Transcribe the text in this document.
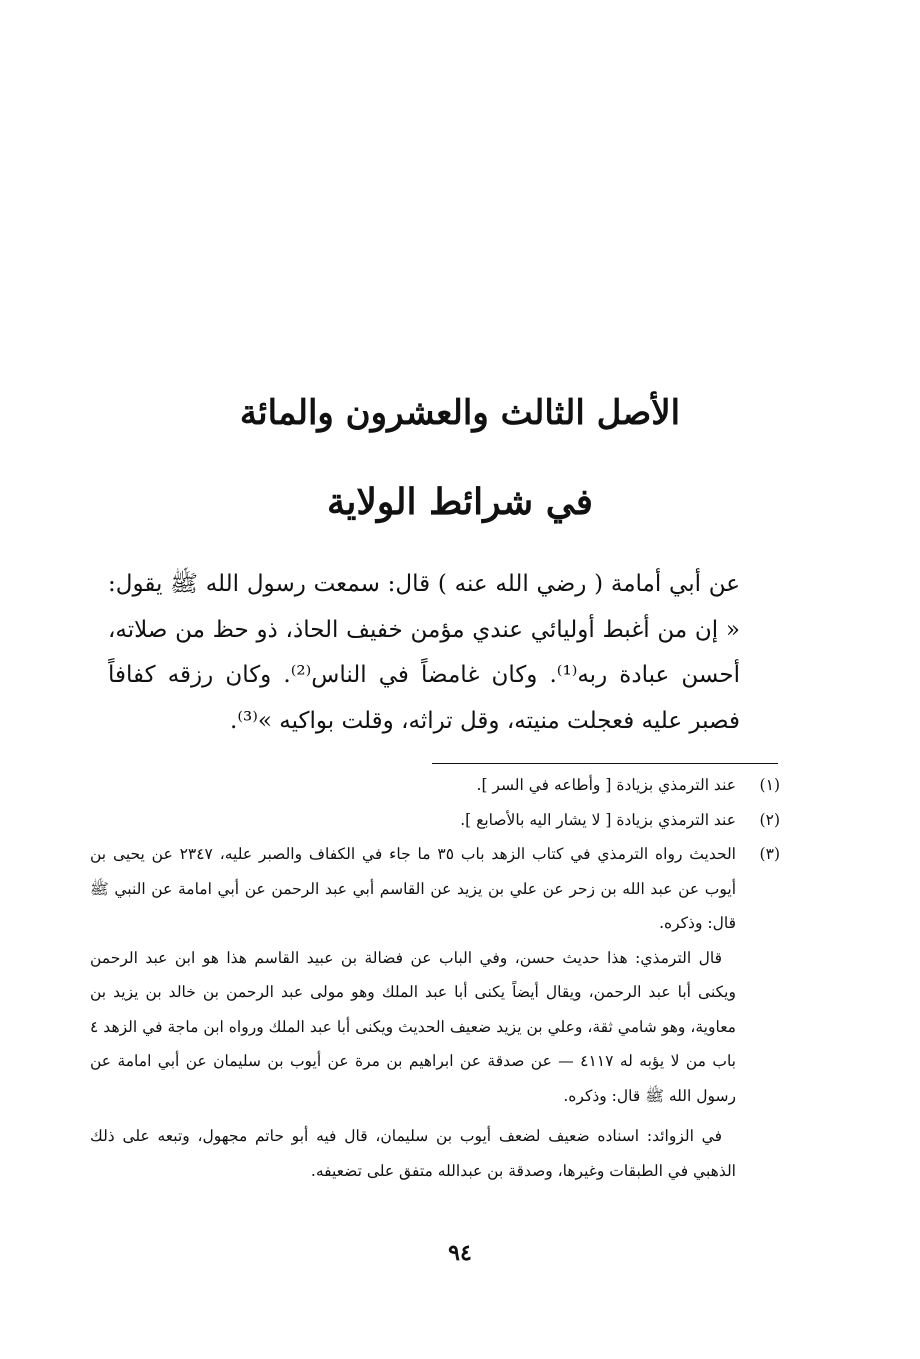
الأصل الثالث والعشرون والمائة
في شرائط الولاية

عن أبي أمامة ( رضي الله عنه ) قال: سمعت رسول الله ﷺ يقول: « إن من أغبط أوليائي عندي مؤمن خفيف الحاذ، ذو حظ من صلاته، أحسن عبادة ربه⁽¹⁾. وكان غامضاً في الناس⁽²⁾. وكان رزقه كفافاً فصبر عليه فعجلت منيته، وقل تراثه، وقلت بواكيه »⁽³⁾.

(١)
عند الترمذي بزيادة [ وأطاعه في السر ].
(٢)
عند الترمذي بزيادة [ لا يشار اليه بالأصابع ].
(٣)
الحديث رواه الترمذي في كتاب الزهد باب ٣٥ ما جاء في الكفاف والصبر عليه، ٢٣٤٧ عن يحيى بن أيوب عن عبد الله بن زحر عن علي بن يزيد عن القاسم أبي عبد الرحمن عن أبي امامة عن النبي ﷺ قال: وذكره.

قال الترمذي: هذا حديث حسن، وفي الباب عن فضالة بن عبيد القاسم هذا هو ابن عبد الرحمن ويكنى أبا عبد الرحمن، ويقال أيضاً يكنى أبا عبد الملك وهو مولى عبد الرحمن بن خالد بن يزيد بن معاوية، وهو شامي ثقة، وعلي بن يزيد ضعيف الحديث ويكنى أبا عبد الملك ورواه ابن ماجة في الزهد ٤ باب من لا يؤبه له ٤١١٧ — عن صدقة عن ابراهيم بن مرة عن أيوب بن سليمان عن أبي امامة عن رسول الله ﷺ قال: وذكره.

في الزوائد: اسناده ضعيف لضعف أيوب بن سليمان، قال فيه أبو حاتم مجهول، وتبعه على ذلك الذهبي في الطبقات وغيرها، وصدقة بن عبدالله متفق على تضعيفه.

٩٤
